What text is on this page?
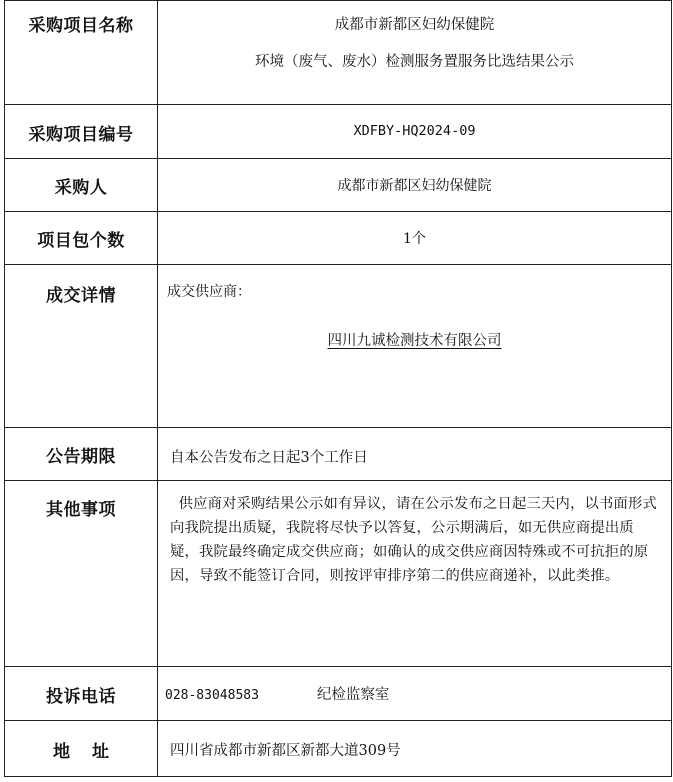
采购项目名称	成都市新都区妇幼保健院
环境（废气、废水）检测服务置服务比选结果公示

采购项目编号	XDFBY-HQ2024-09

采购人	成都市新都区妇幼保健院

项目包个数	1个

成交详情	成交供应商：
四川九诚检测技术有限公司

公告期限	自本公告发布之日起3个工作日

其他事项	供应商对采购结果公示如有异议，请在公示发布之日起三天内，以书面形式向我院提出质疑，我院将尽快予以答复，公示期满后，如无供应商提出质疑，我院最终确定成交供应商；如确认的成交供应商因特殊或不可抗拒的原因，导致不能签订合同，则按评审排序第二的供应商递补，以此类推。

投诉电话	028-83048583 纪检监察室

地址	四川省成都市新都区新都大道309号
